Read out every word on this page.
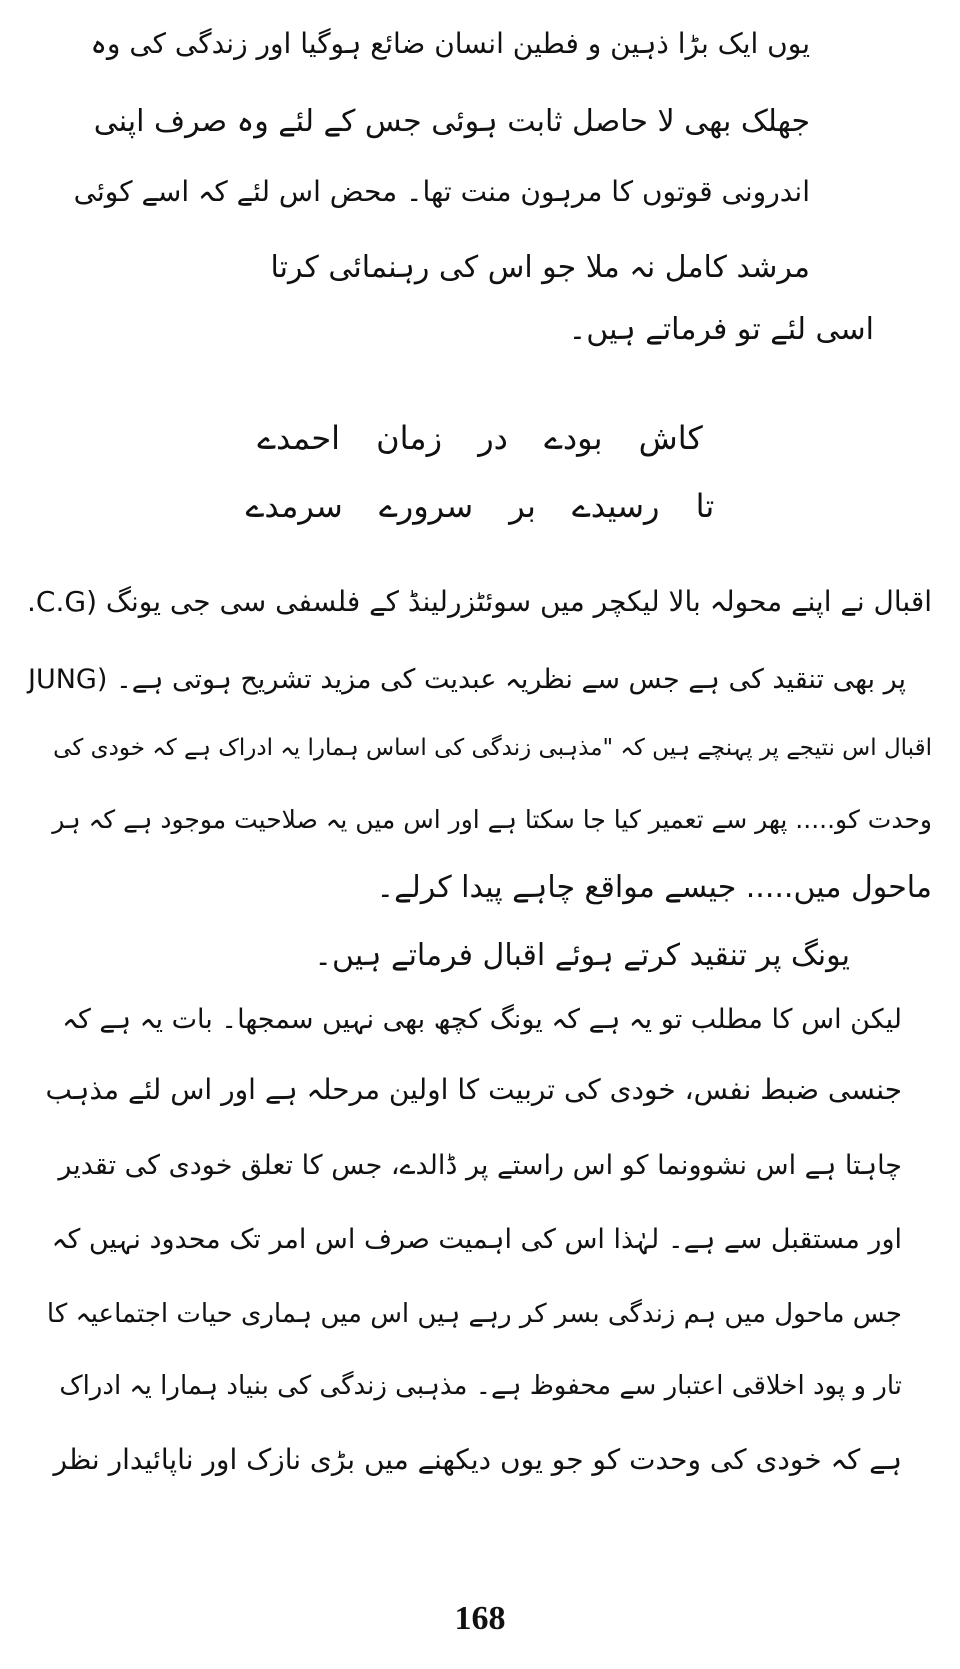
یوں ایک بڑا ذہین و فطین انسان ضائع ہوگیا اور زندگی کی وہ
جھلک بھی لا حاصل ثابت ہوئی جس کے لئے وہ صرف اپنی
اندرونی قوتوں کا مرہون منت تھا۔ محض اس لئے کہ اسے کوئی
مرشد کامل نہ ملا جو اس کی رہنمائی کرتا
اسی لئے تو فرماتے ہیں۔
کاش بودے در زمان احمدے
تا رسیدے بر سرورے سرمدے
اقبال نے اپنے محولہ بالا لیکچر میں سوئٹزرلینڈ کے فلسفی سی جی یونگ (C.G.
JUNG) پر بھی تنقید کی ہے جس سے نظریہ عبدیت کی مزید تشریح ہوتی ہے۔
اقبال اس نتیجے پر پہنچے ہیں کہ "مذہبی زندگی کی اساس ہمارا یہ ادراک ہے کہ خودی کی
وحدت کو..... پھر سے تعمیر کیا جا سکتا ہے اور اس میں یہ صلاحیت موجود ہے کہ ہر
ماحول میں..... جیسے مواقع چاہے پیدا کرلے۔
یونگ پر تنقید کرتے ہوئے اقبال فرماتے ہیں۔
لیکن اس کا مطلب تو یہ ہے کہ یونگ کچھ بھی نہیں سمجھا۔ بات یہ ہے کہ
جنسی ضبط نفس، خودی کی تربیت کا اولین مرحلہ ہے اور اس لئے مذہب
چاہتا ہے اس نشوونما کو اس راستے پر ڈالدے، جس کا تعلق خودی کی تقدیر
اور مستقبل سے ہے۔ لہٰذا اس کی اہمیت صرف اس امر تک محدود نہیں کہ
جس ماحول میں ہم زندگی بسر کر رہے ہیں اس میں ہماری حیات اجتماعیہ کا
تار و پود اخلاقی اعتبار سے محفوظ ہے۔ مذہبی زندگی کی بنیاد ہمارا یہ ادراک
ہے کہ خودی کی وحدت کو جو یوں دیکھنے میں بڑی نازک اور ناپائیدار نظر
168
